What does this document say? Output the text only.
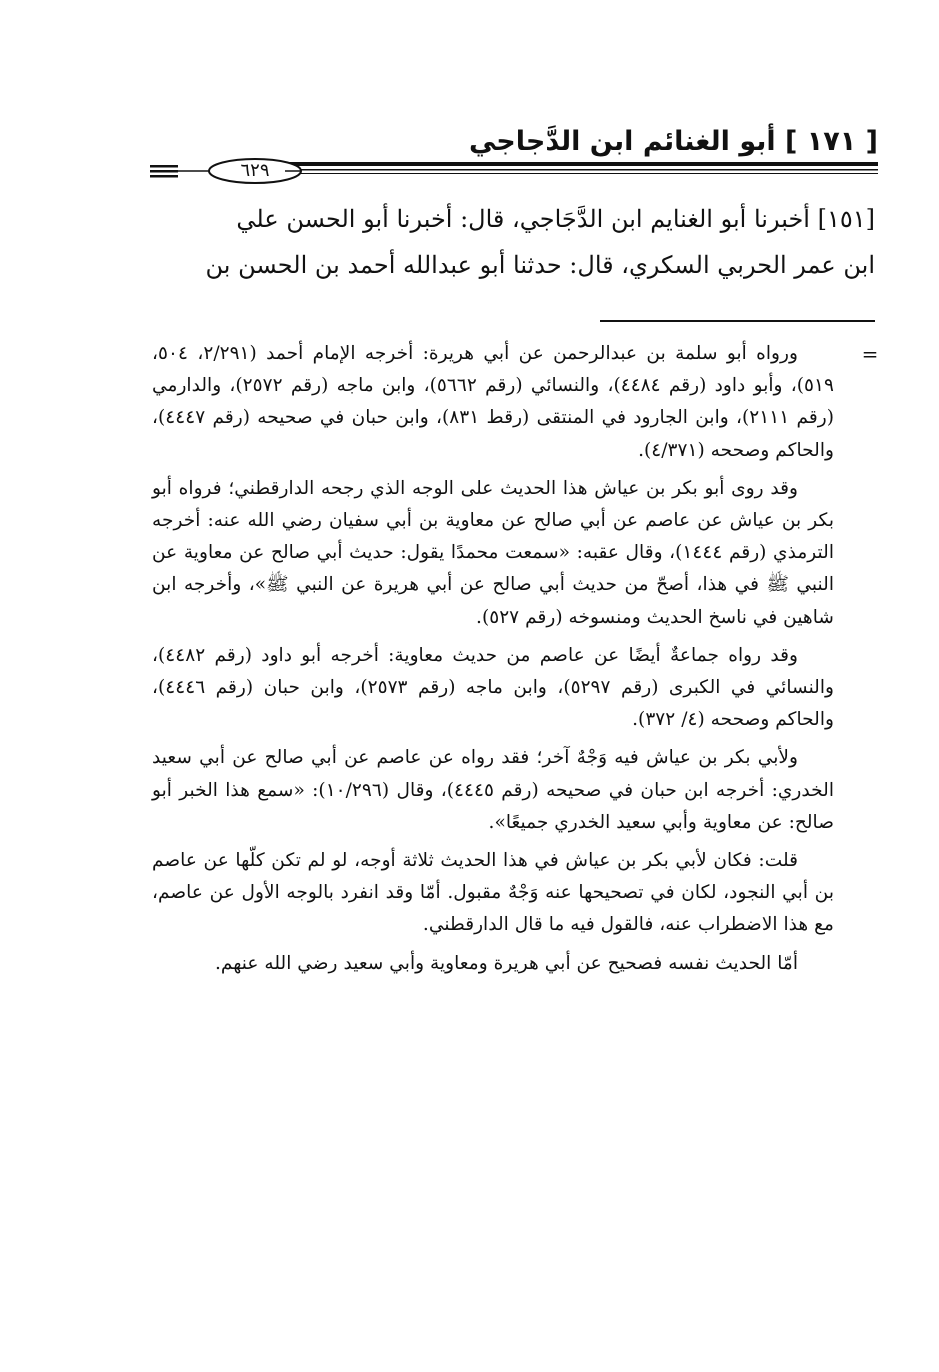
[ ١٧١ ] أبو الغنائم ابن الدَّجاجي
٦٢٩

[١٥١] أخبرنا أبو الغنايم ابن الدَّجَاجي، قال: أخبرنا أبو الحسن علي

ابن عمر الحربي السكري، قال: حدثنا أبو عبدالله أحمد بن الحسن بن

=

ورواه أبو سلمة بن عبدالرحمن عن أبي هريرة: أخرجه الإمام أحمد (٢/٢٩١، ٥٠٤، ٥١٩)، وأبو داود (رقم ٤٤٨٤)، والنسائي (رقم ٥٦٦٢)، وابن ماجه (رقم ٢٥٧٢)، والدارمي (رقم ٢١١١)، وابن الجارود في المنتقى (رقط ٨٣١)، وابن حبان في صحيحه (رقم ٤٤٤٧)، والحاكم وصححه (٤/٣٧١).

وقد روى أبو بكر بن عياش هذا الحديث على الوجه الذي رجحه الدارقطني؛ فرواه أبو بكر بن عياش عن عاصم عن أبي صالح عن معاوية بن أبي سفيان رضي الله عنه: أخرجه الترمذي (رقم ١٤٤٤)، وقال عقبه: «سمعت محمدًا يقول: حديث أبي صالح عن معاوية عن النبي ﷺ في هذا، أصحّ من حديث أبي صالح عن أبي هريرة عن النبي ﷺ»، وأخرجه ابن شاهين في ناسخ الحديث ومنسوخه (رقم ٥٢٧).

وقد رواه جماعةٌ أيضًا عن عاصم من حديث معاوية: أخرجه أبو داود (رقم ٤٤٨٢)، والنسائي في الكبرى (رقم ٥٢٩٧)، وابن ماجه (رقم ٢٥٧٣)، وابن حبان (رقم ٤٤٤٦)، والحاكم وصححه (٤/ ٣٧٢).

ولأبي بكر بن عياش فيه وَجْهٌ آخر؛ فقد رواه عن عاصم عن أبي صالح عن أبي سعيد الخدري: أخرجه ابن حبان في صحيحه (رقم ٤٤٤٥)، وقال (١٠/٢٩٦): «سمع هذا الخبر أبو صالح: عن معاوية وأبي سعيد الخدري جميعًا».

قلت: فكان لأبي بكر بن عياش في هذا الحديث ثلاثة أوجه، لو لم تكن كلّها عن عاصم بن أبي النجود، لكان في تصحيحها عنه وَجْهٌ مقبول. أمّا وقد انفرد بالوجه الأول عن عاصم، مع هذا الاضطراب عنه، فالقول فيه ما قال الدارقطني.

أمّا الحديث نفسه فصحيح عن أبي هريرة ومعاوية وأبي سعيد رضي الله عنهم.
